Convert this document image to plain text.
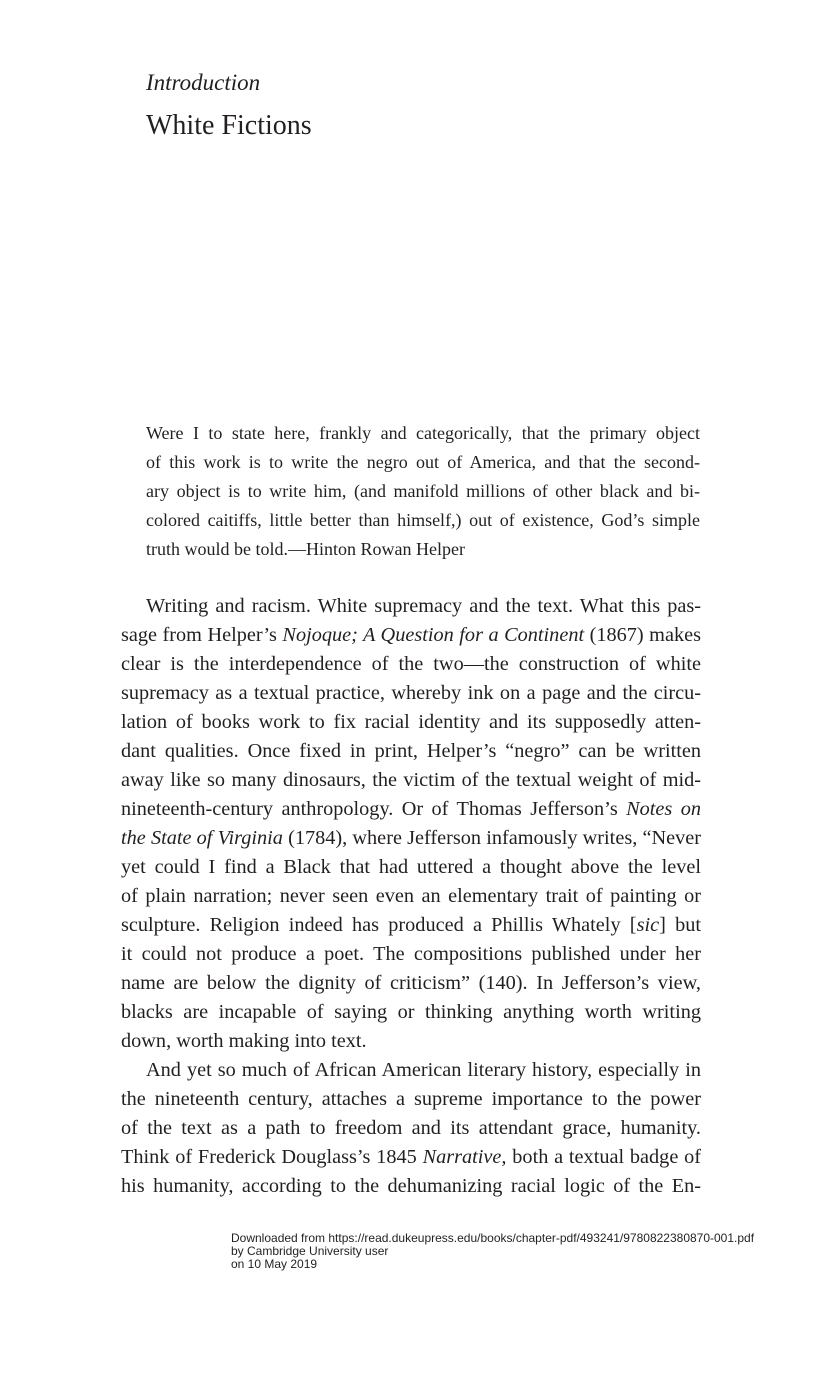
Introduction
White Fictions
Were I to state here, frankly and categorically, that the primary object
of this work is to write the negro out of America, and that the second-
ary object is to write him, (and manifold millions of other black and bi-
colored caitiffs, little better than himself,) out of existence, God’s simple
truth would be told.—Hinton Rowan Helper
Writing and racism. White supremacy and the text. What this pas-
sage from Helper’s Nojoque; A Question for a Continent (1867) makes
clear is the interdependence of the two—the construction of white
supremacy as a textual practice, whereby ink on a page and the circu-
lation of books work to fix racial identity and its supposedly atten-
dant qualities. Once fixed in print, Helper’s “negro” can be written
away like so many dinosaurs, the victim of the textual weight of mid-
nineteenth-century anthropology. Or of Thomas Jefferson’s Notes on
the State of Virginia (1784), where Jefferson infamously writes, “Never
yet could I find a Black that had uttered a thought above the level
of plain narration; never seen even an elementary trait of painting or
sculpture. Religion indeed has produced a Phillis Whately [sic] but
it could not produce a poet. The compositions published under her
name are below the dignity of criticism” (140). In Jefferson’s view,
blacks are incapable of saying or thinking anything worth writing
down, worth making into text.
And yet so much of African American literary history, especially in
the nineteenth century, attaches a supreme importance to the power
of the text as a path to freedom and its attendant grace, humanity.
Think of Frederick Douglass’s 1845 Narrative, both a textual badge of
his humanity, according to the dehumanizing racial logic of the En-
Downloaded from https://read.dukeupress.edu/books/chapter-pdf/493241/9780822380870-001.pdf
by Cambridge University user
on 10 May 2019
